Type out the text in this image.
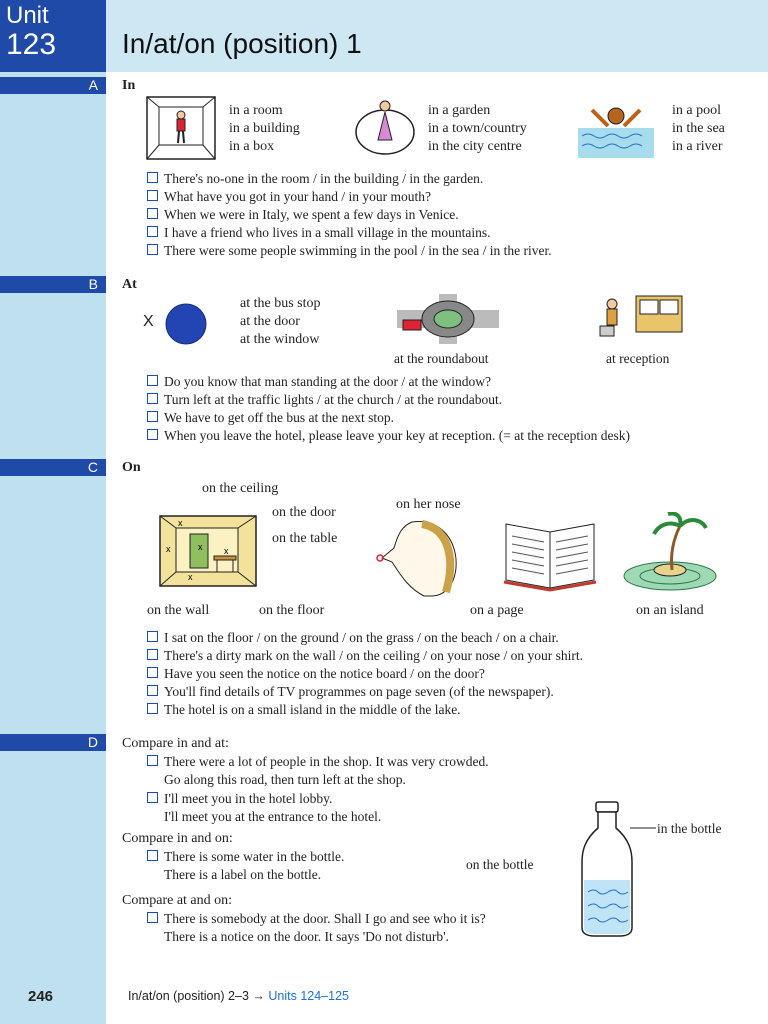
Unit
123 In/at/on (position) 1
A In
in a room
in a building
in a box
in a garden
in a town/country
in the city centre
in a pool
in the sea
in a river
There's no-one in the room / in the building / in the garden.
What have you got in your hand / in your mouth?
When we were in Italy, we spent a few days in Venice.
I have a friend who lives in a small village in the mountains.
There were some people swimming in the pool / in the sea / in the river.
B At
X
at the bus stop
at the door
at the window
at the roundabout	at reception
Do you know that man standing at the door / at the window?
Turn left at the traffic lights / at the church / at the roundabout.
We have to get off the bus at the next stop.
When you leave the hotel, please leave your key at reception. (= at the reception desk)
C On
on the ceiling
on the door
on the table
x
x	x x
x
on the wall	on the floor
on her nose
on a page	on an island
I sat on the floor / on the ground / on the grass / on the beach / on a chair.
There's a dirty mark on the wall / on the ceiling / on your nose / on your shirt.
Have you seen the notice on the notice board / on the door?
You'll find details of TV programmes on page seven (of the newspaper).
The hotel is on a small island in the middle of the lake.
D Compare in and at:
There were a lot of people in the shop. It was very crowded.
Go along this road, then turn left at the shop.
I'll meet you in the hotel lobby.
I'll meet you at the entrance to the hotel.
Compare in and on:
There is some water in the bottle.
There is a label on the bottle.
Compare at and on:
There is somebody at the door. Shall I go and see who it is?
There is a notice on the door. It says 'Do not disturb'.
in the bottle
on the bottle
246	In/at/on (position) 2–3 → Units 124–125
